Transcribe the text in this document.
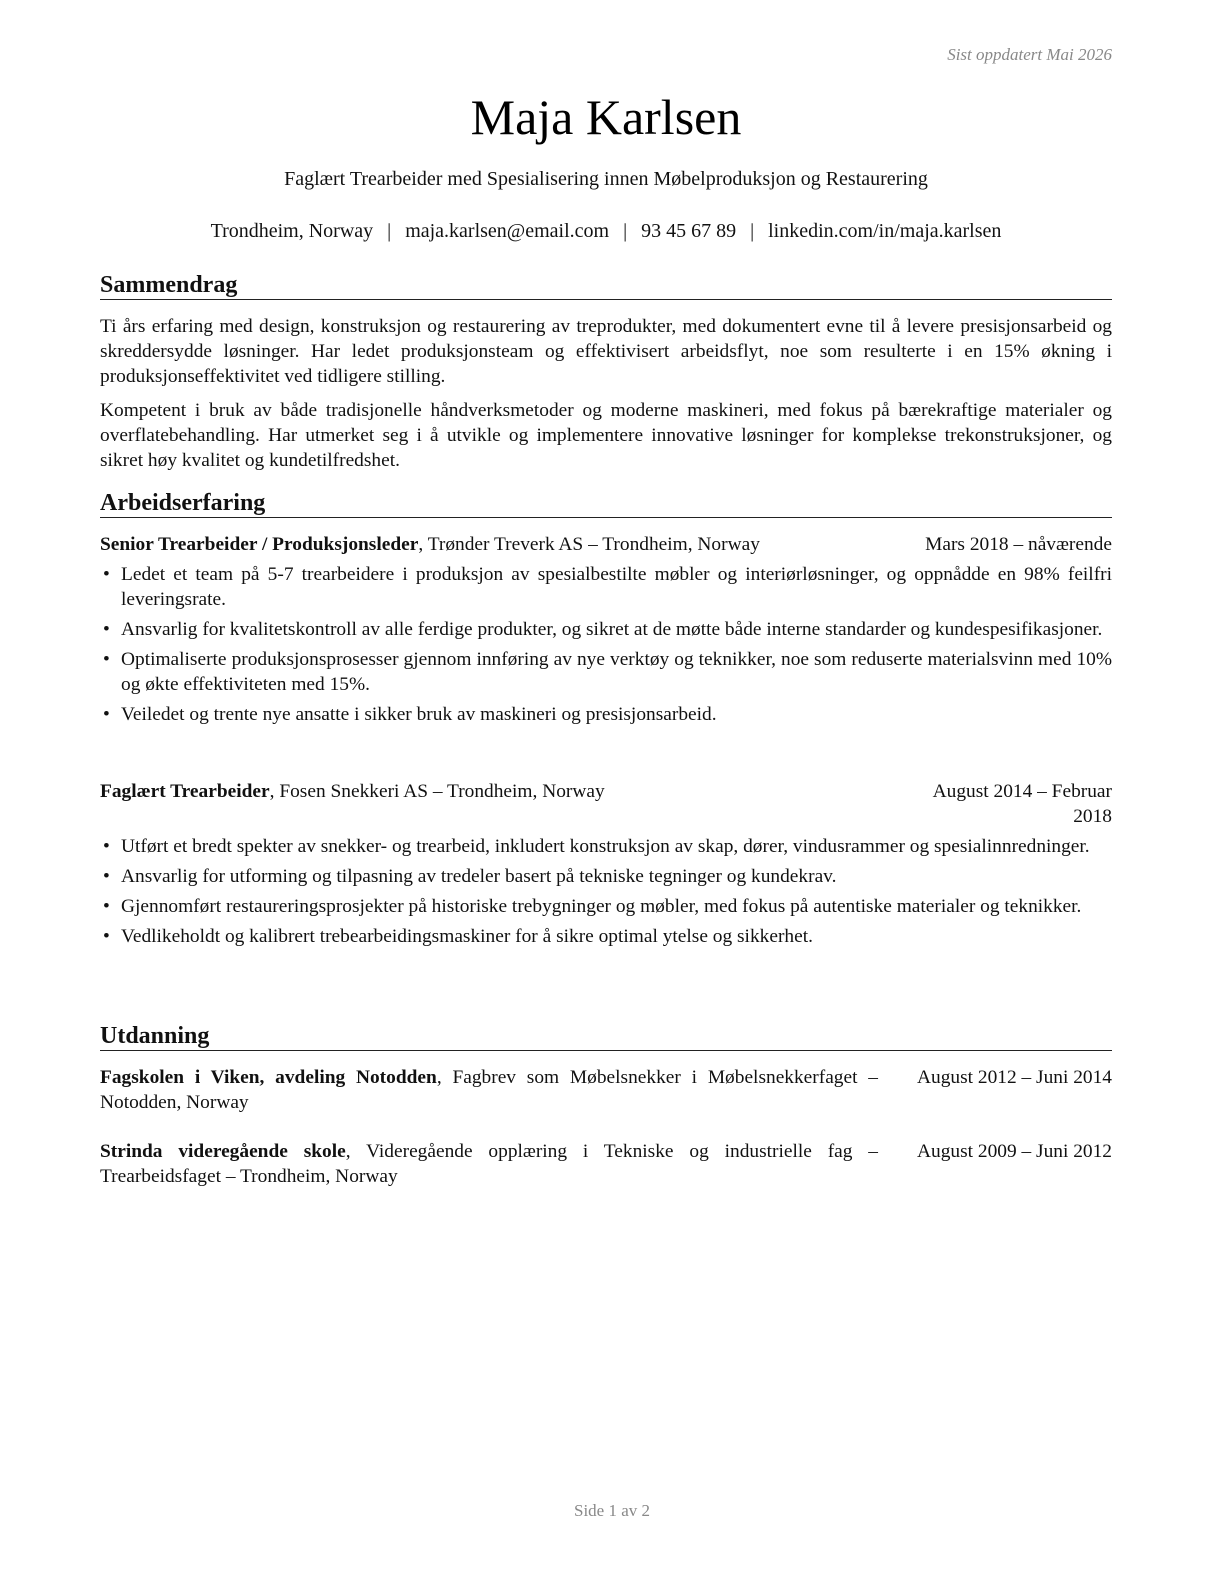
Sist oppdatert Mai 2026
Maja Karlsen
Faglært Trearbeider med Spesialisering innen Møbelproduksjon og Restaurering
Trondheim, Norway | maja.karlsen@email.com | 93 45 67 89 | linkedin.com/in/maja.karlsen
Sammendrag
Ti års erfaring med design, konstruksjon og restaurering av treprodukter, med dokumentert evne til å levere presisjonsarbeid og skreddersydde løsninger. Har ledet produksjonsteam og effektivisert arbeidsflyt, noe som resulterte i en 15% økning i produksjonseffektivitet ved tidligere stilling.
Kompetent i bruk av både tradisjonelle håndverksmetoder og moderne maskineri, med fokus på bærekraftige materialer og overflatebehandling. Har utmerket seg i å utvikle og implementere innovative løsninger for komplekse trekonstruksjoner, og sikret høy kvalitet og kundetilfredshet.
Arbeidserfaring
Senior Trearbeider / Produksjonsleder, Trønder Treverk AS – Trondheim, Norway	Mars 2018 – nåværende
• Ledet et team på 5-7 trearbeidere i produksjon av spesialbestilte møbler og interiørløsninger, og oppnådde en 98% feilfri leveringsrate.
• Ansvarlig for kvalitetskontroll av alle ferdige produkter, og sikret at de møtte både interne standarder og kundespesifikasjoner.
• Optimaliserte produksjonsprosesser gjennom innføring av nye verktøy og teknikker, noe som reduserte materialsvinn med 10% og økte effektiviteten med 15%.
• Veiledet og trente nye ansatte i sikker bruk av maskineri og presisjonsarbeid.
Faglært Trearbeider, Fosen Snekkeri AS – Trondheim, Norway	August 2014 – Februar
2018
• Utført et bredt spekter av snekker- og trearbeid, inkludert konstruksjon av skap, dører, vindusrammer og spesialinnredninger.
• Ansvarlig for utforming og tilpasning av tredeler basert på tekniske tegninger og kundekrav.
• Gjennomført restaureringsprosjekter på historiske trebygninger og møbler, med fokus på autentiske materialer og teknikker.
• Vedlikeholdt og kalibrert trebearbeidingsmaskiner for å sikre optimal ytelse og sikkerhet.
Utdanning
Fagskolen i Viken, avdeling Notodden, Fagbrev som Møbelsnekker i Møbelsnekkerfaget – Notodden, Norway
August 2012 – Juni 2014
Strinda videregående skole, Videregående opplæring i Tekniske og industrielle fag – Trearbeidsfaget – Trondheim, Norway
August 2009 – Juni 2012
Side 1 av 2
